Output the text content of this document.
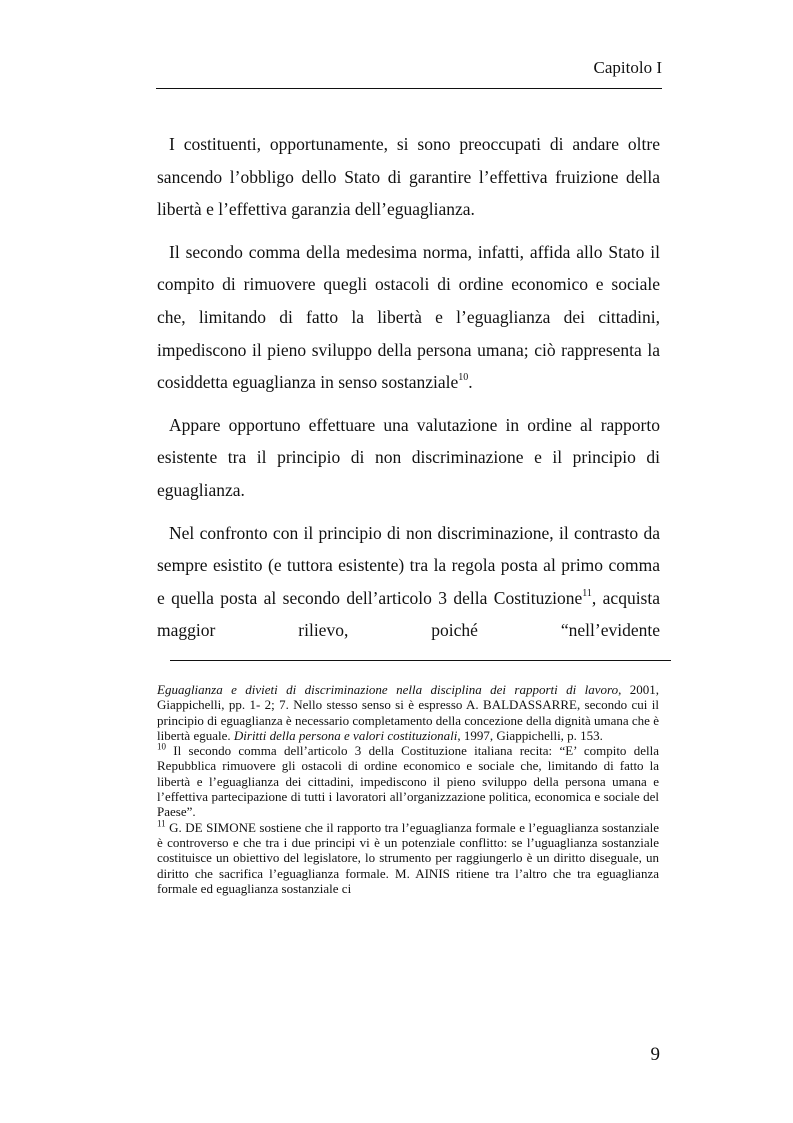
Capitolo I

I costituenti, opportunamente, si sono preoccupati di andare oltre sancendo l’obbligo dello Stato di garantire l’effettiva fruizione della libertà e l’effettiva garanzia dell’eguaglianza.

Il secondo comma della medesima norma, infatti, affida allo Stato il compito di rimuovere quegli ostacoli di ordine economico e sociale che, limitando di fatto la libertà e l’eguaglianza dei cittadini, impediscono il pieno sviluppo della persona umana; ciò rappresenta la cosiddetta eguaglianza in senso sostanziale$^{10}$.

Appare opportuno effettuare una valutazione in ordine al rapporto esistente tra il principio di non discriminazione e il principio di eguaglianza.

Nel confronto con il principio di non discriminazione, il contrasto da sempre esistito (e tuttora esistente) tra la regola posta al primo comma e quella posta al secondo dell’articolo 3 della Costituzione$^{11}$, acquista maggior rilievo, poiché “nell’evidente

Eguaglianza e divieti di discriminazione nella disciplina dei rapporti di lavoro, 2001, Giappichelli, pp. 1- 2; 7. Nello stesso senso si è espresso A. BALDASSARRE, secondo cui il principio di eguaglianza è necessario completamento della concezione della dignità umana che è libertà eguale. Diritti della persona e valori costituzionali, 1997, Giappichelli, p. 153.

$^{10}$ Il secondo comma dell’articolo 3 della Costituzione italiana recita: “E’ compito della Repubblica rimuovere gli ostacoli di ordine economico e sociale che, limitando di fatto la libertà e l’eguaglianza dei cittadini, impediscono il pieno sviluppo della persona umana e l’effettiva partecipazione di tutti i lavoratori all’organizzazione politica, economica e sociale del Paese”.

$^{11}$ G. DE SIMONE sostiene che il rapporto tra l’eguaglianza formale e l’eguaglianza sostanziale è controverso e che tra i due principi vi è un potenziale conflitto: se l’uguaglianza sostanziale costituisce un obiettivo del legislatore, lo strumento per raggiungerlo è un diritto diseguale, un diritto che sacrifica l’eguaglianza formale. M. AINIS ritiene tra l’altro che tra eguaglianza formale ed eguaglianza sostanziale ci

9
